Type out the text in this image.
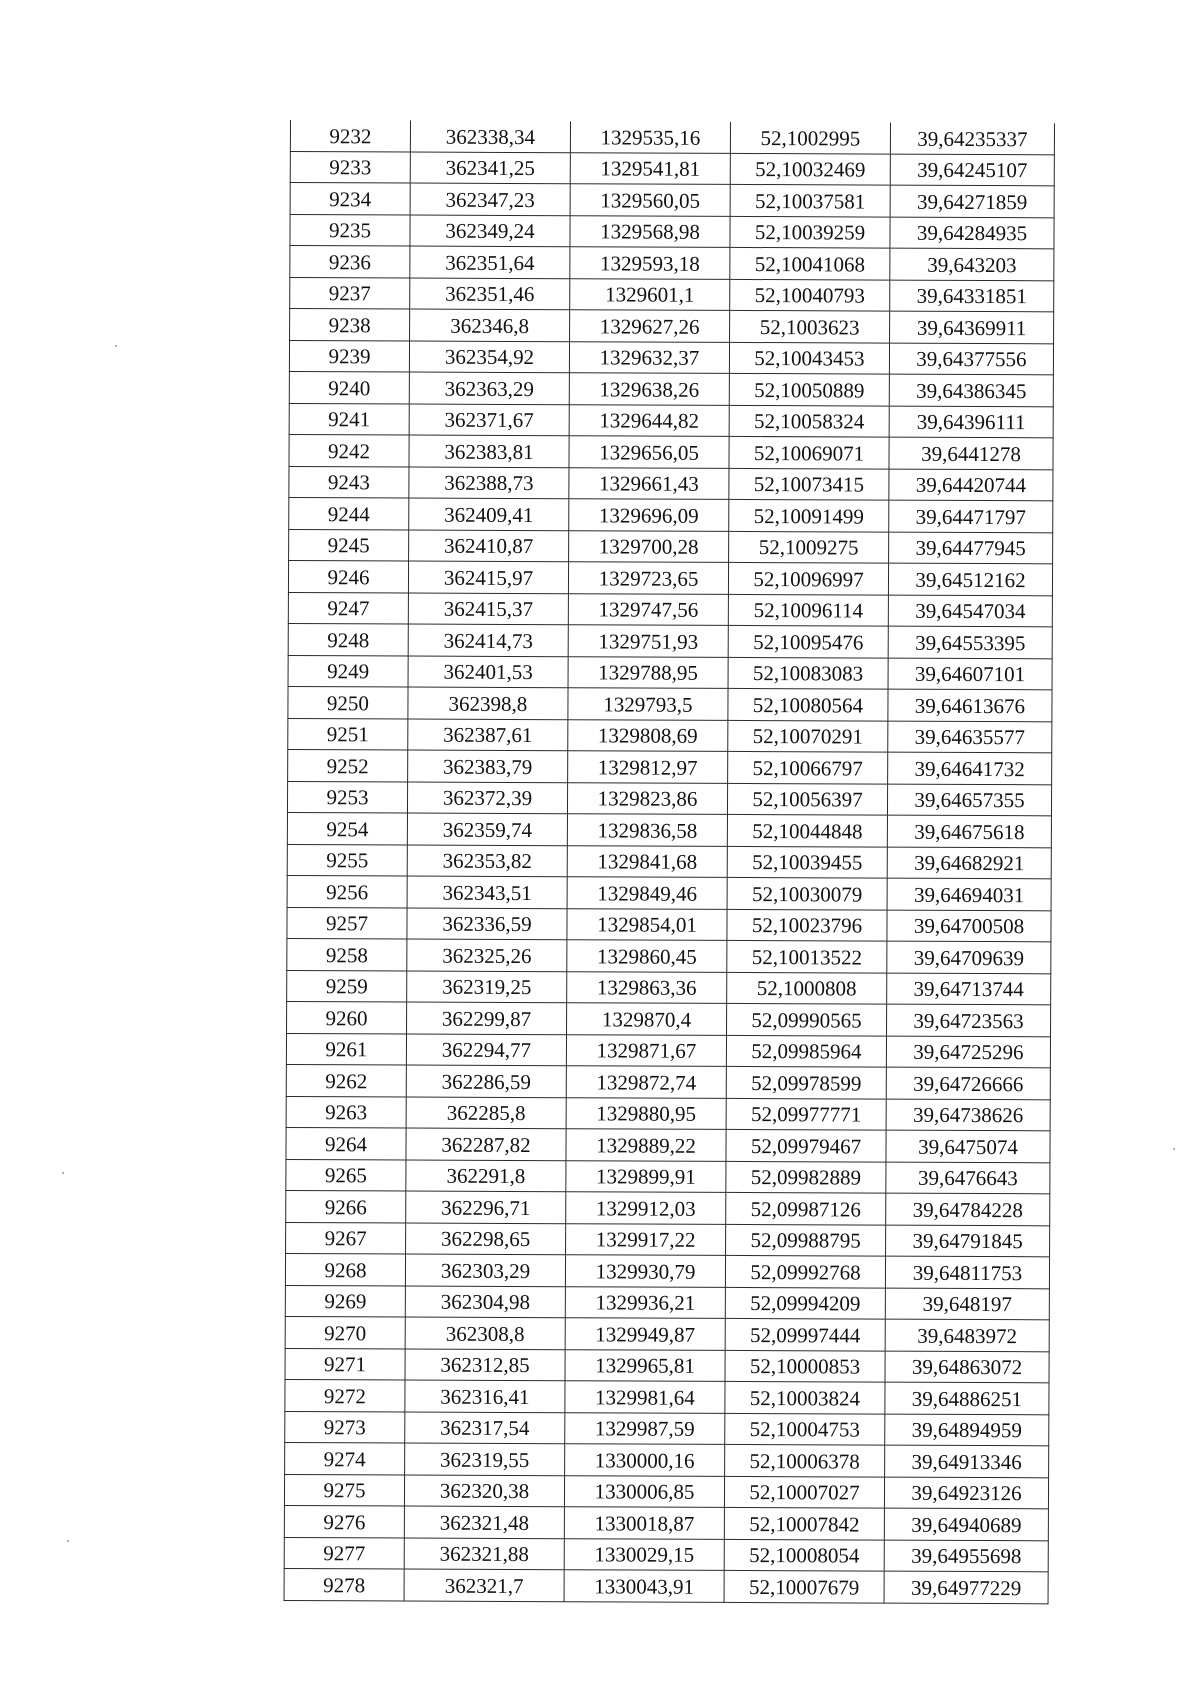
9232	362338,34	1329535,16	52,1002995	39,64235337
9233	362341,25	1329541,81	52,10032469	39,64245107
9234	362347,23	1329560,05	52,10037581	39,64271859
9235	362349,24	1329568,98	52,10039259	39,64284935
9236	362351,64	1329593,18	52,10041068	39,643203
9237	362351,46	1329601,1	52,10040793	39,64331851
9238	362346,8	1329627,26	52,1003623	39,64369911
9239	362354,92	1329632,37	52,10043453	39,64377556
9240	362363,29	1329638,26	52,10050889	39,64386345
9241	362371,67	1329644,82	52,10058324	39,64396111
9242	362383,81	1329656,05	52,10069071	39,6441278
9243	362388,73	1329661,43	52,10073415	39,64420744
9244	362409,41	1329696,09	52,10091499	39,64471797
9245	362410,87	1329700,28	52,1009275	39,64477945
9246	362415,97	1329723,65	52,10096997	39,64512162
9247	362415,37	1329747,56	52,10096114	39,64547034
9248	362414,73	1329751,93	52,10095476	39,64553395
9249	362401,53	1329788,95	52,10083083	39,64607101
9250	362398,8	1329793,5	52,10080564	39,64613676
9251	362387,61	1329808,69	52,10070291	39,64635577
9252	362383,79	1329812,97	52,10066797	39,64641732
9253	362372,39	1329823,86	52,10056397	39,64657355
9254	362359,74	1329836,58	52,10044848	39,64675618
9255	362353,82	1329841,68	52,10039455	39,64682921
9256	362343,51	1329849,46	52,10030079	39,64694031
9257	362336,59	1329854,01	52,10023796	39,64700508
9258	362325,26	1329860,45	52,10013522	39,64709639
9259	362319,25	1329863,36	52,1000808	39,64713744
9260	362299,87	1329870,4	52,09990565	39,64723563
9261	362294,77	1329871,67	52,09985964	39,64725296
9262	362286,59	1329872,74	52,09978599	39,64726666
9263	362285,8	1329880,95	52,09977771	39,64738626
9264	362287,82	1329889,22	52,09979467	39,6475074
9265	362291,8	1329899,91	52,09982889	39,6476643
9266	362296,71	1329912,03	52,09987126	39,64784228
9267	362298,65	1329917,22	52,09988795	39,64791845
9268	362303,29	1329930,79	52,09992768	39,64811753
9269	362304,98	1329936,21	52,09994209	39,648197
9270	362308,8	1329949,87	52,09997444	39,6483972
9271	362312,85	1329965,81	52,10000853	39,64863072
9272	362316,41	1329981,64	52,10003824	39,64886251
9273	362317,54	1329987,59	52,10004753	39,64894959
9274	362319,55	1330000,16	52,10006378	39,64913346
9275	362320,38	1330006,85	52,10007027	39,64923126
9276	362321,48	1330018,87	52,10007842	39,64940689
9277	362321,88	1330029,15	52,10008054	39,64955698
9278	362321,7	1330043,91	52,10007679	39,64977229
